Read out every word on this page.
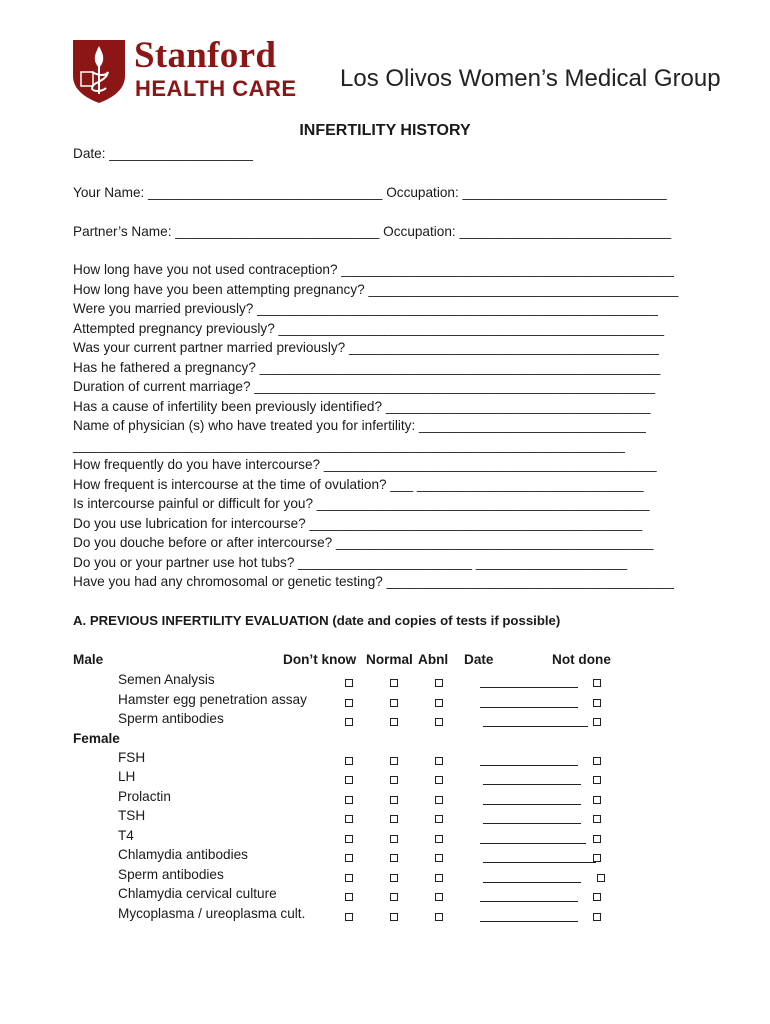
Stanford
HEALTH CARE Los Olivos Women’s Medical Group
INFERTILITY HISTORY
Date: ___________________
Your Name: _______________________________ Occupation: ___________________________
Partner’s Name: ___________________________ Occupation: ____________________________
How long have you not used contraception? ____________________________________________
How long have you been attempting pregnancy? _________________________________________
Were you married previously? _____________________________________________________
Attempted pregnancy previously? ___________________________________________________
Was your current partner married previously? _________________________________________
Has he fathered a pregnancy? _____________________________________________________
Duration of current marriage? _____________________________________________________
Has a cause of infertility been previously identified? ___________________________________
Name of physician (s) who have treated you for infertility: ______________________________
_________________________________________________________________________
How frequently do you have intercourse? ____________________________________________
How frequent is intercourse at the time of ovulation? ___ ______________________________
Is intercourse painful or difficult for you? ____________________________________________
Do you use lubrication for intercourse? ____________________________________________
Do you douche before or after intercourse? __________________________________________
Do you or your partner use hot tubs? _______________________ ____________________
Have you had any chromosomal or genetic testing? ______________________________________
A. PREVIOUS INFERTILITY EVALUATION (date and copies of tests if possible)
Male	Don’t know Normal Abnl Date	Not done
Semen Analysis
Hamster egg penetration assay
Sperm antibodies
Female
FSH
LH
Prolactin
TSH
T4
Chlamydia antibodies
Sperm antibodies
Chlamydia cervical culture
Mycoplasma / ureoplasma cult.
